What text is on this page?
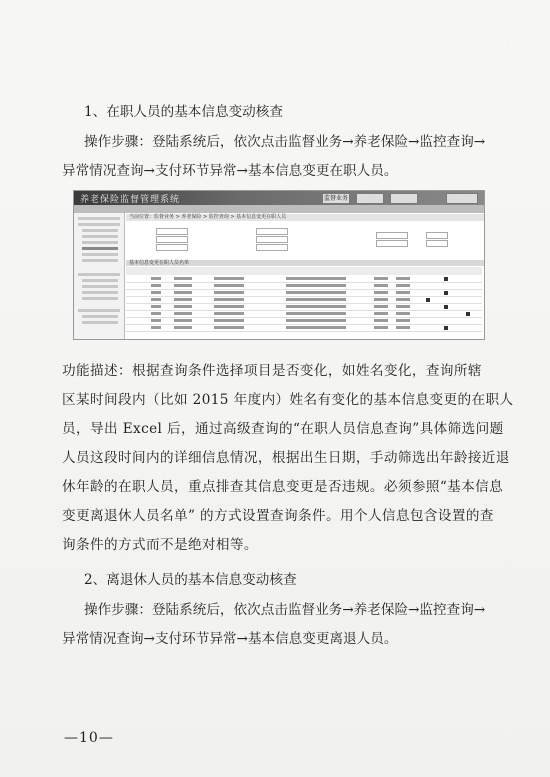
1、在职人员的基本信息变动核查
操作步骤：登陆系统后，依次点击监督业务→养老保险→监控查询→
异常情况查询→支付环节异常→基本信息变更在职人员。
养老保险监督管理系统	监督业务
当前位置：监督业务 > 养老保险 > 监控查询 > 基本信息变更在职人员
基本信息变更在职人员名单
功能描述：根据查询条件选择项目是否变化，如姓名变化，查询所辖
区某时间段内（比如 2015 年度内）姓名有变化的基本信息变更的在职人
员，导出 Excel 后，通过高级查询的“在职人员信息查询”具体筛选问题
人员这段时间内的详细信息情况，根据出生日期，手动筛选出年龄接近退
休年龄的在职人员，重点排查其信息变更是否违规。必须参照“基本信息
变更离退休人员名单” 的方式设置查询条件。用个人信息包含设置的查
询条件的方式而不是绝对相等。
2、离退休人员的基本信息变动核查
操作步骤：登陆系统后，依次点击监督业务→养老保险→监控查询→
异常情况查询→支付环节异常→基本信息变更离退人员。
—10—
